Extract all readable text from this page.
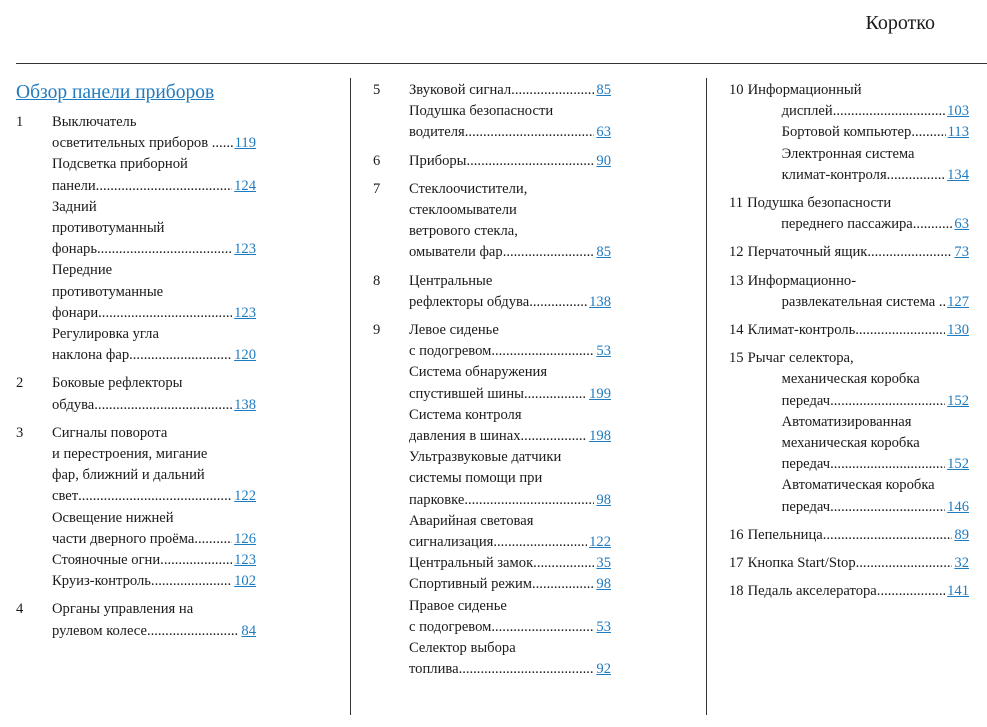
Коротко
Обзор панели приборов
1	Выключатель
осветительных приборов . ..... 119
Подсветка приборной
панели .....	124
Задний
противотуманный
фонарь .....	123
Передние
противотуманные
фонари .....	123
Регулировка угла
наклона фар .....	120
2	Боковые рефлекторы
обдува .....	138
3	Сигналы поворота
и перестроения, мигание
фар, ближний и дальний
свет .....	122
Освещение нижней
части дверного проёма .....	126
Стояночные огни .....	123
Круиз-контроль .....	102
4	Органы управления на
рулевом колесе .....	84
5	Звуковой сигнал .....	85
Подушка безопасности
водителя .....	63
6	Приборы .....	90
7	Стеклоочистители,
стеклоомыватели
ветрового стекла,
омыватели фар .....	85
8	Центральные
рефлекторы обдува .....	138
9	Левое сиденье
с подогревом .....	53
Система обнаружения
спустившей шины .....	199
Система контроля
давления в шинах .....	198
Ультразвуковые датчики
системы помощи при
парковке .....	98
Аварийная световая
сигнализация .....	122
Центральный замок .....	35
Спортивный режим .....	98
Правое сиденье
с подогревом .....	53
Селектор выбора
топлива .....	92
10 Информационный
дисплей .....	103
Бортовой компьютер ..... 113
Электронная система
климат-контроля .....	134
11 Подушка безопасности
переднего пассажира .....	63
12 Перчаточный ящик .....	73
13 Информационно-
развлекательная система . ..... 127
14 Климат-контроль .....	130
15 Рычаг селектора,
механическая коробка
передач .....	152
Автоматизированная
механическая коробка
передач .....	152
Автоматическая коробка
передач .....	146
16 Пепельница .....	89
17 Кнопка Start/Stop .....	32
18 Педаль акселератора .....	141
